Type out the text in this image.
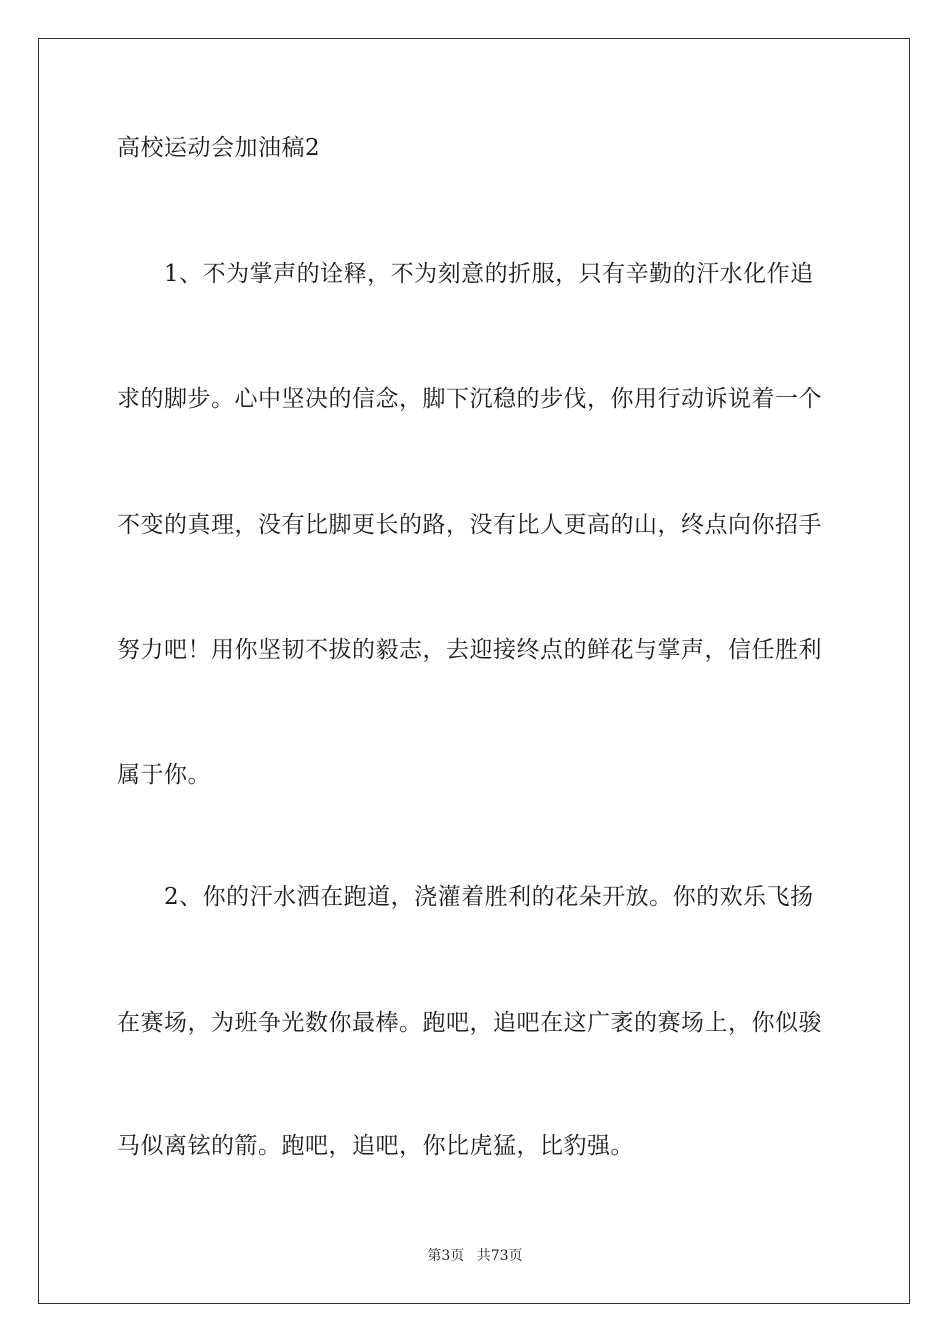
高校运动会加油稿2
　　1、不为掌声的诠释，不为刻意的折服，只有辛勤的汗水化作追
求的脚步。心中坚决的信念，脚下沉稳的步伐，你用行动诉说着一个
不变的真理，没有比脚更长的路，没有比人更高的山，终点向你招手
努力吧！用你坚韧不拔的毅志，去迎接终点的鲜花与掌声，信任胜利
属于你。
　　2、你的汗水洒在跑道，浇灌着胜利的花朵开放。你的欢乐飞扬
在赛场，为班争光数你最棒。跑吧，追吧在这广袤的赛场上，你似骏
马似离铉的箭。跑吧，追吧，你比虎猛，比豹强。
第3页 共73页
